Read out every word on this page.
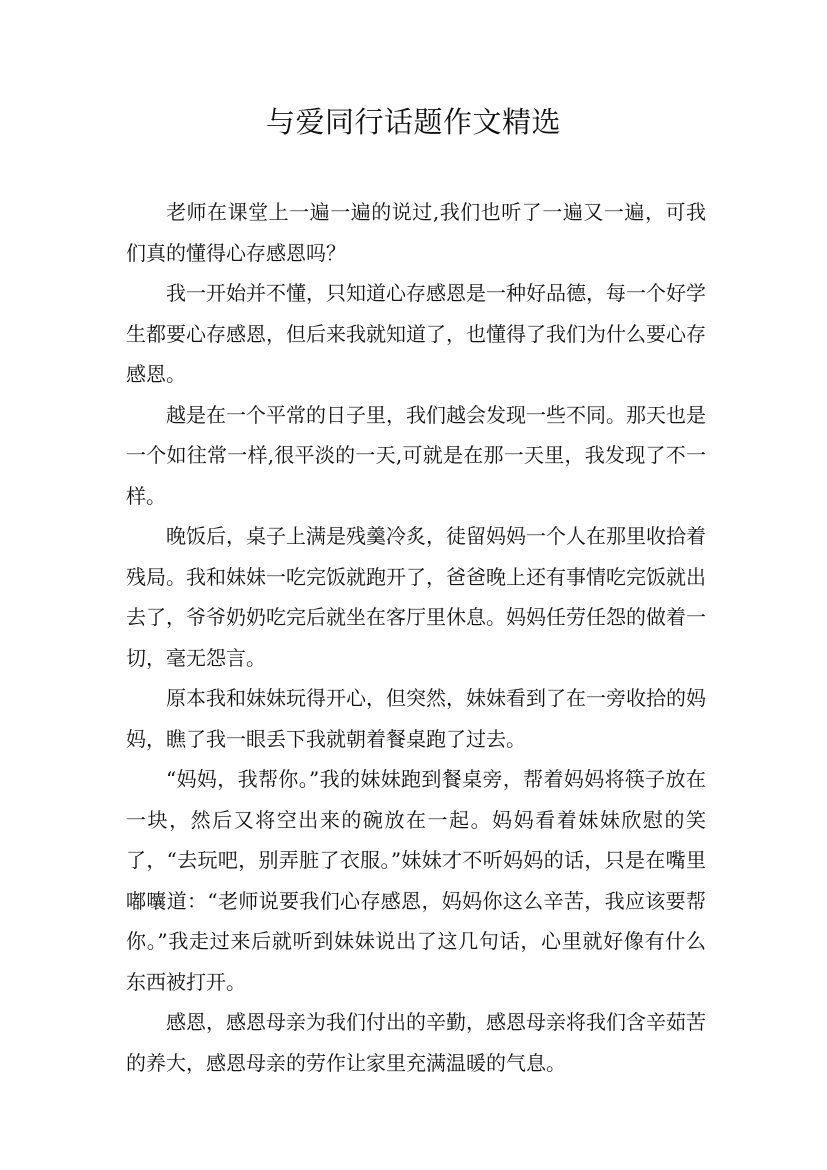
与爱同行话题作文精选

老师在课堂上一遍一遍的说过,我们也听了一遍又一遍，可我们真的懂得心存感恩吗？

我一开始并不懂，只知道心存感恩是一种好品德，每一个好学生都要心存感恩，但后来我就知道了，也懂得了我们为什么要心存感恩。

越是在一个平常的日子里，我们越会发现一些不同。那天也是一个如往常一样,很平淡的一天,可就是在那一天里，我发现了不一样。

晚饭后，桌子上满是残羹冷炙，徒留妈妈一个人在那里收拾着残局。我和妹妹一吃完饭就跑开了，爸爸晚上还有事情吃完饭就出去了，爷爷奶奶吃完后就坐在客厅里休息。妈妈任劳任怨的做着一切，毫无怨言。

原本我和妹妹玩得开心，但突然，妹妹看到了在一旁收拾的妈妈，瞧了我一眼丢下我就朝着餐桌跑了过去。

“妈妈，我帮你。”我的妹妹跑到餐桌旁，帮着妈妈将筷子放在一块，然后又将空出来的碗放在一起。妈妈看着妹妹欣慰的笑了，“去玩吧，别弄脏了衣服。”妹妹才不听妈妈的话，只是在嘴里嘟囔道：“老师说要我们心存感恩，妈妈你这么辛苦，我应该要帮你。”我走过来后就听到妹妹说出了这几句话，心里就好像有什么东西被打开。

感恩，感恩母亲为我们付出的辛勤，感恩母亲将我们含辛茹苦的养大，感恩母亲的劳作让家里充满温暖的气息。
